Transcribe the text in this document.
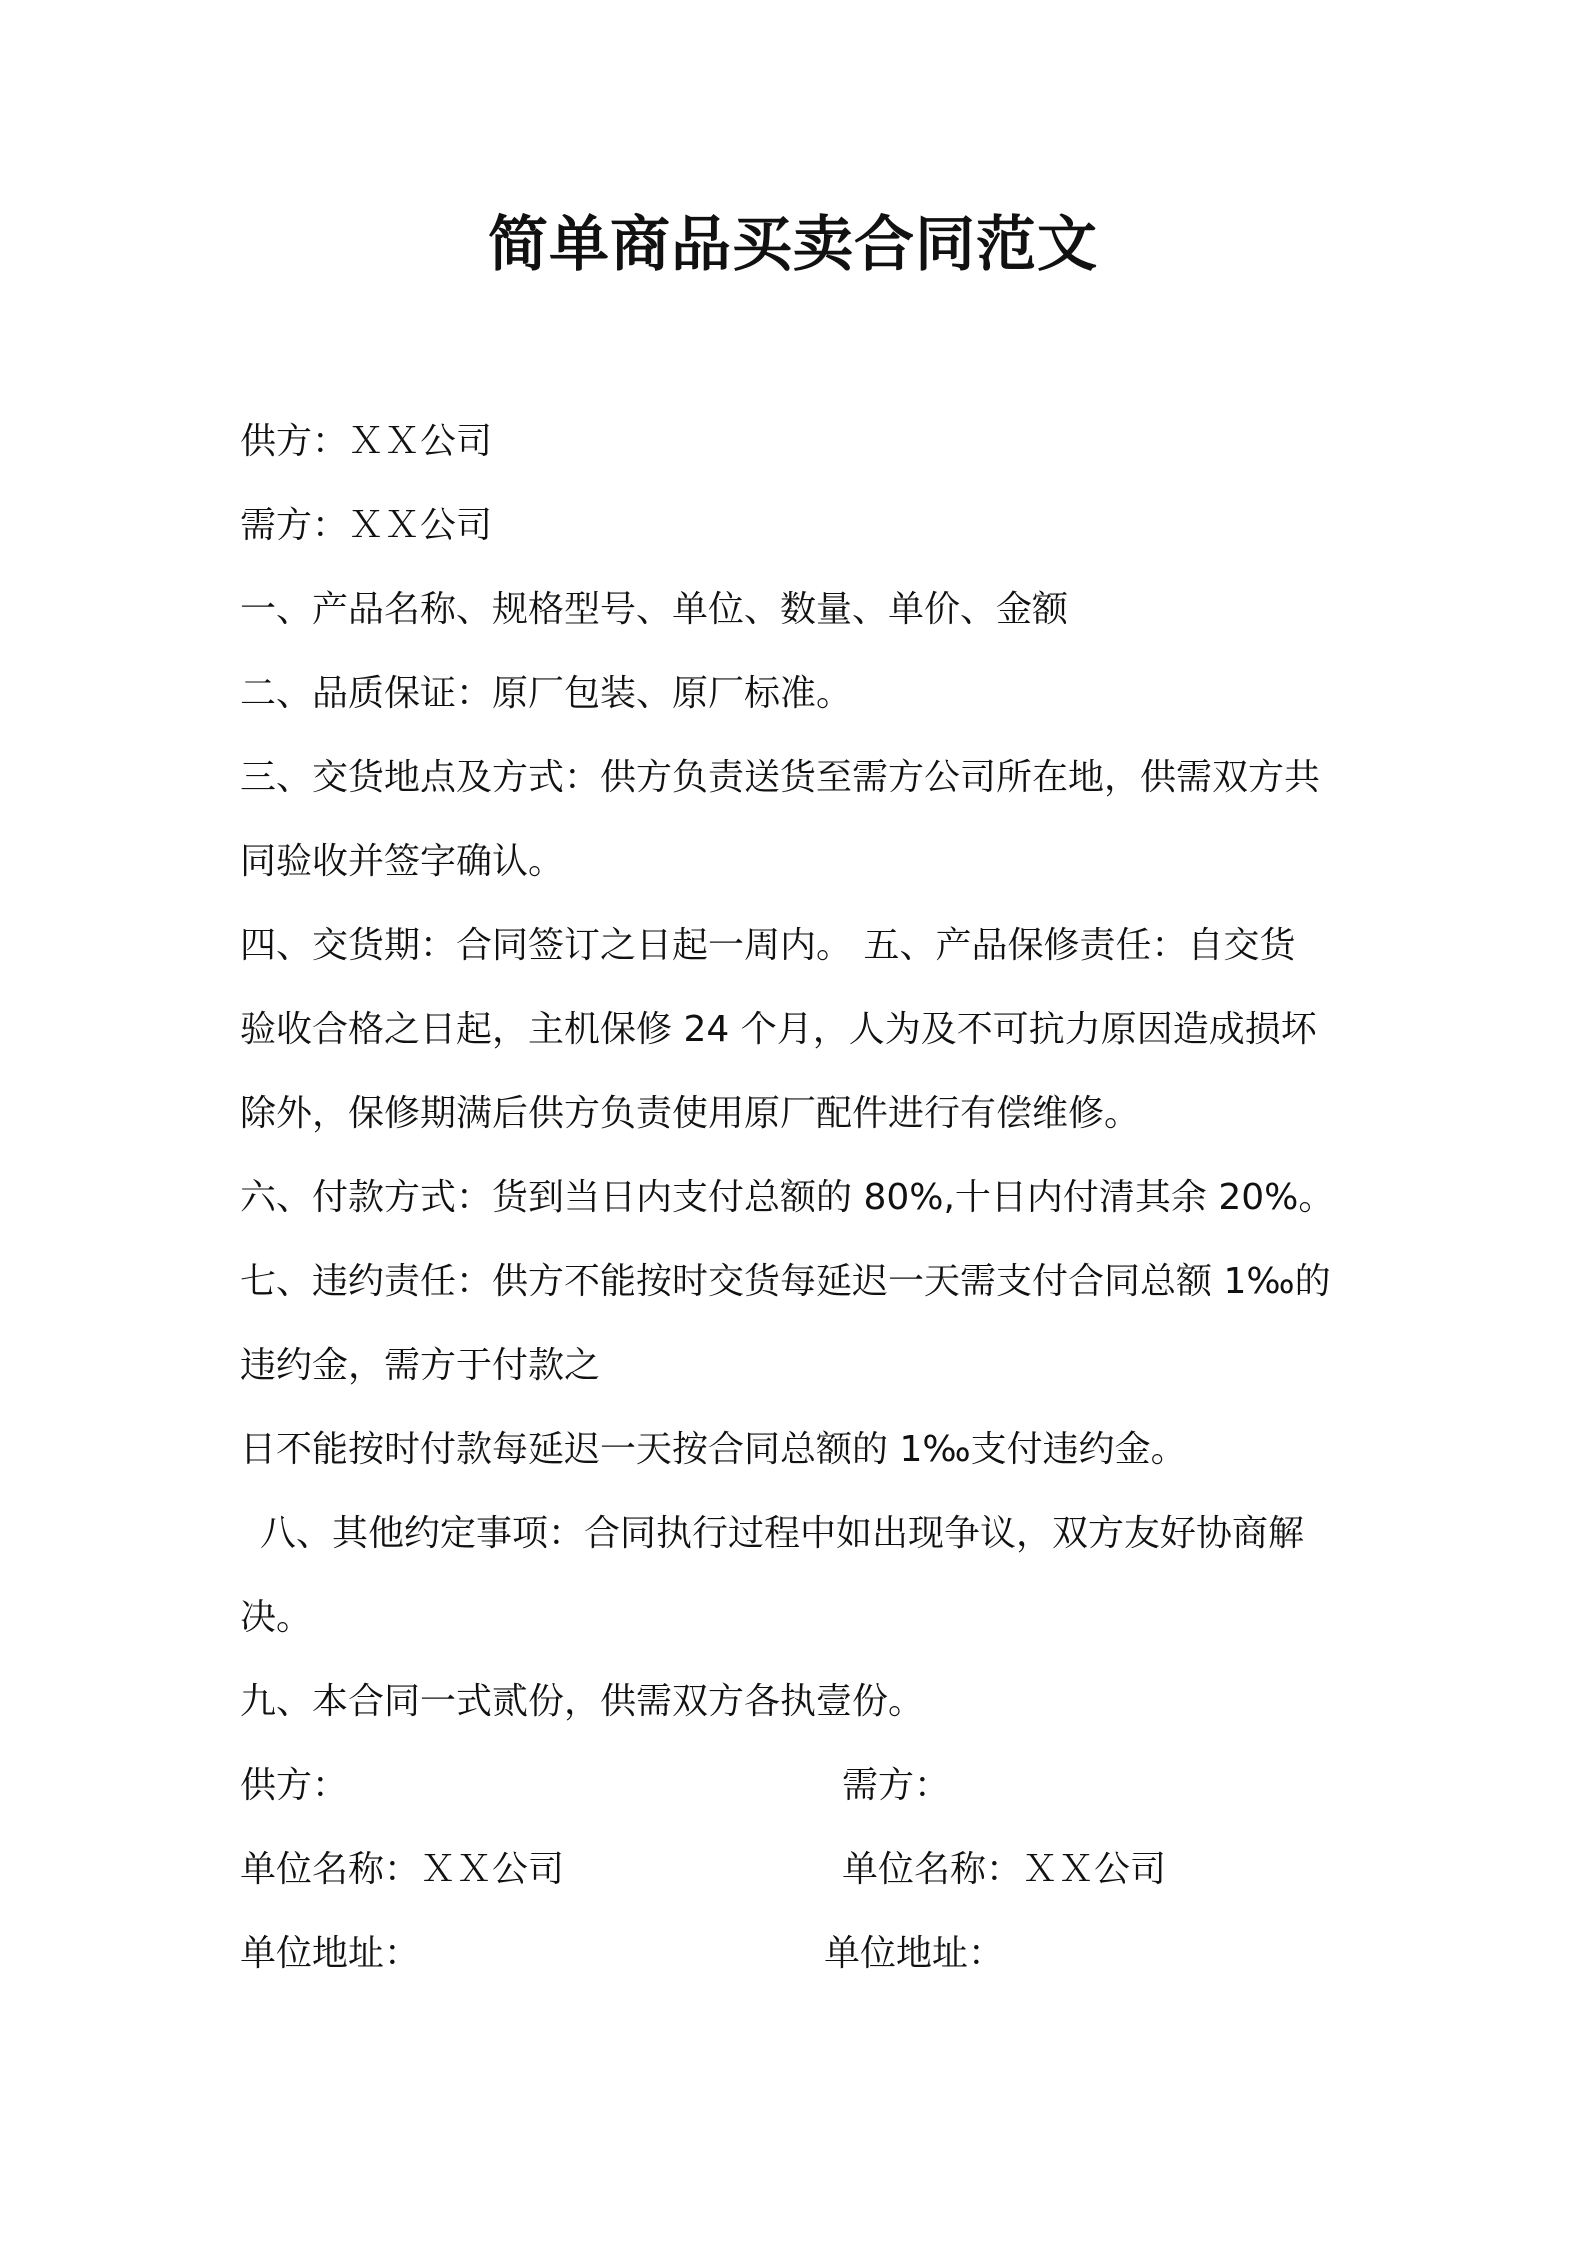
简单商品买卖合同范文
供方：ＸＸ公司
需方：ＸＸ公司
一、产品名称、规格型号、单位、数量、单价、金额
二、品质保证：原厂包装、原厂标准。
三、交货地点及方式：供方负责送货至需方公司所在地，供需双方共
同验收并签字确认。
四、交货期：合同签订之日起一周内。 五、产品保修责任：自交货
验收合格之日起，主机保修 24 个月，人为及不可抗力原因造成损坏
除外，保修期满后供方负责使用原厂配件进行有偿维修。
六、付款方式：货到当日内支付总额的 80%,十日内付清其余 20%。
七、违约责任：供方不能按时交货每延迟一天需支付合同总额 1‰的
违约金，需方于付款之
日不能按时付款每延迟一天按合同总额的 1‰支付违约金。
八、其他约定事项：合同执行过程中如出现争议，双方友好协商解
决。
九、本合同一式贰份，供需双方各执壹份。
供方：	需方：
单位名称：ＸＸ公司	单位名称：ＸＸ公司
单位地址：	单位地址：
